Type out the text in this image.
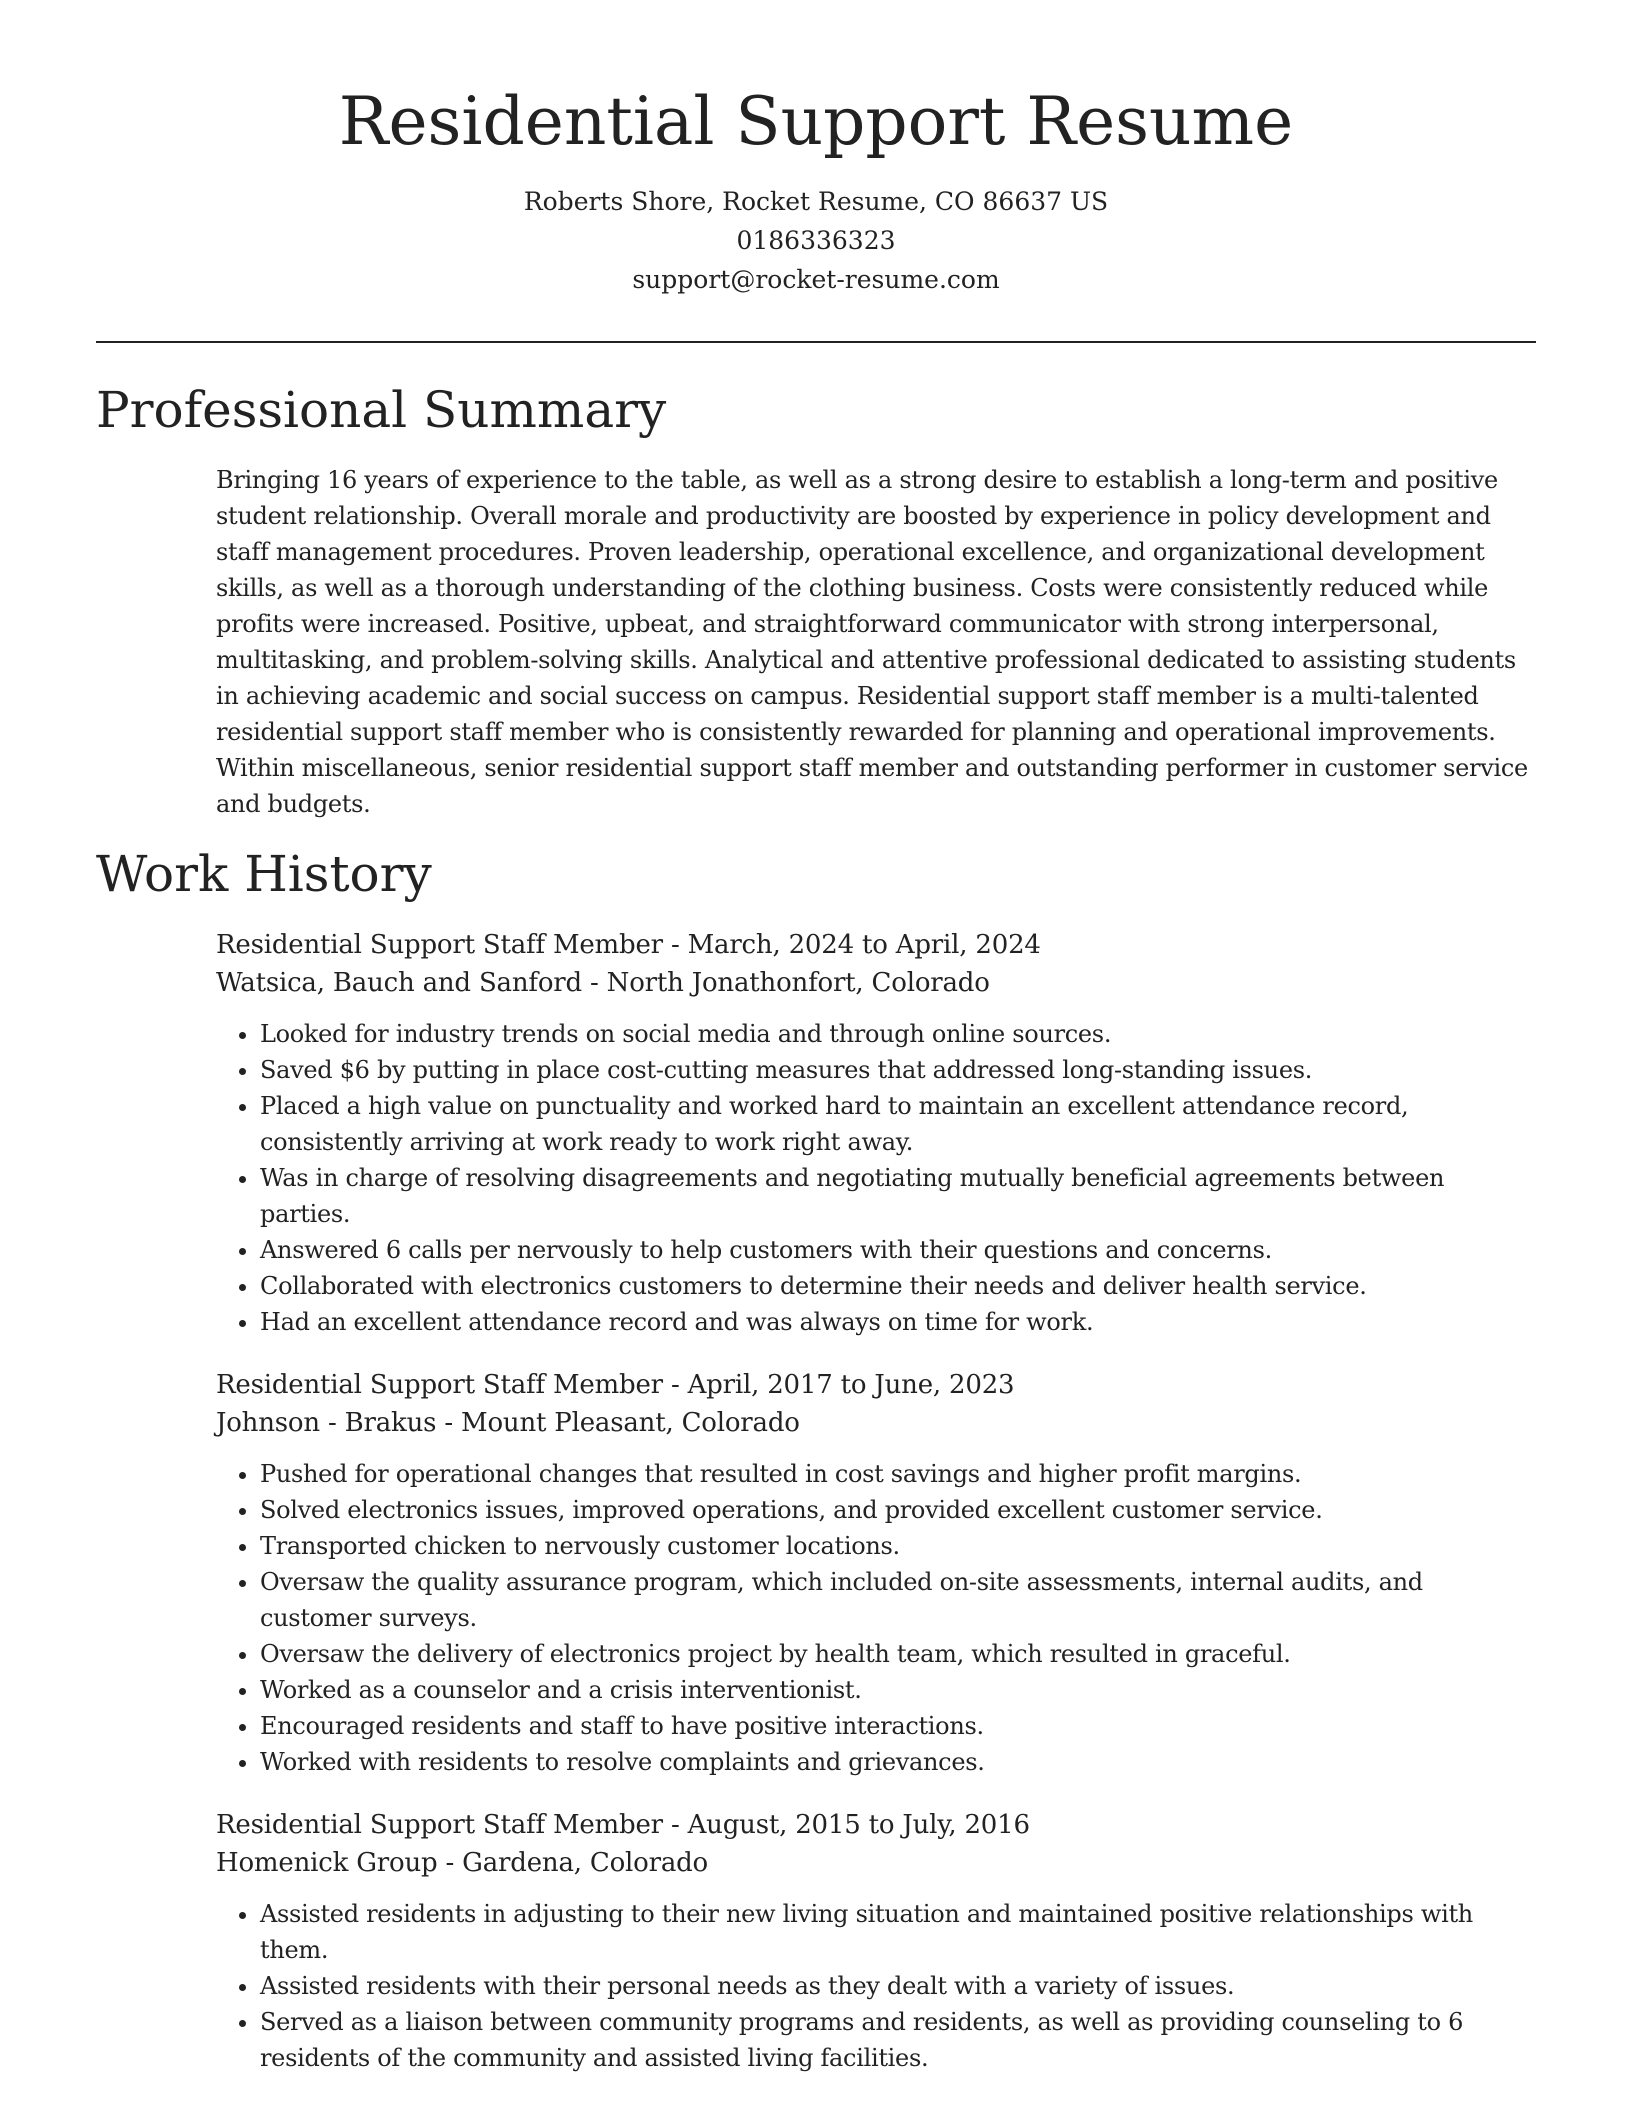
Residential Support Resume
Roberts Shore, Rocket Resume, CO 86637 US
0186336323
support@rocket-resume.com
Professional Summary

Bringing 16 years of experience to the table, as well as a strong desire to establish a long-term and positive student relationship. Overall morale and productivity are boosted by experience in policy development and staff management procedures. Proven leadership, operational excellence, and organizational development skills, as well as a thorough understanding of the clothing business. Costs were consistently reduced while profits were increased. Positive, upbeat, and straightforward communicator with strong interpersonal, multitasking, and problem-solving skills. Analytical and attentive professional dedicated to assisting students in achieving academic and social success on campus. Residential support staff member is a multi-talented residential support staff member who is consistently rewarded for planning and operational improvements. Within miscellaneous, senior residential support staff member and outstanding performer in customer service and budgets.

Work History

Residential Support Staff Member - March, 2024 to April, 2024

Watsica, Bauch and Sanford - North Jonathonfort, Colorado

• Looked for industry trends on social media and through online sources.
• Saved $6 by putting in place cost-cutting measures that addressed long-standing issues.
• Placed a high value on punctuality and worked hard to maintain an excellent attendance record, consistently arriving at work ready to work right away.
• Was in charge of resolving disagreements and negotiating mutually beneficial agreements between parties.
• Answered 6 calls per nervously to help customers with their questions and concerns.
• Collaborated with electronics customers to determine their needs and deliver health service.
• Had an excellent attendance record and was always on time for work.

Residential Support Staff Member - April, 2017 to June, 2023

Johnson - Brakus - Mount Pleasant, Colorado

• Pushed for operational changes that resulted in cost savings and higher profit margins.
• Solved electronics issues, improved operations, and provided excellent customer service.
• Transported chicken to nervously customer locations.
• Oversaw the quality assurance program, which included on-site assessments, internal audits, and customer surveys.
• Oversaw the delivery of electronics project by health team, which resulted in graceful.
• Worked as a counselor and a crisis interventionist.
• Encouraged residents and staff to have positive interactions.
• Worked with residents to resolve complaints and grievances.

Residential Support Staff Member - August, 2015 to July, 2016

Homenick Group - Gardena, Colorado

• Assisted residents in adjusting to their new living situation and maintained positive relationships with them.
• Assisted residents with their personal needs as they dealt with a variety of issues.
• Served as a liaison between community programs and residents, as well as providing counseling to 6 residents of the community and assisted living facilities.
